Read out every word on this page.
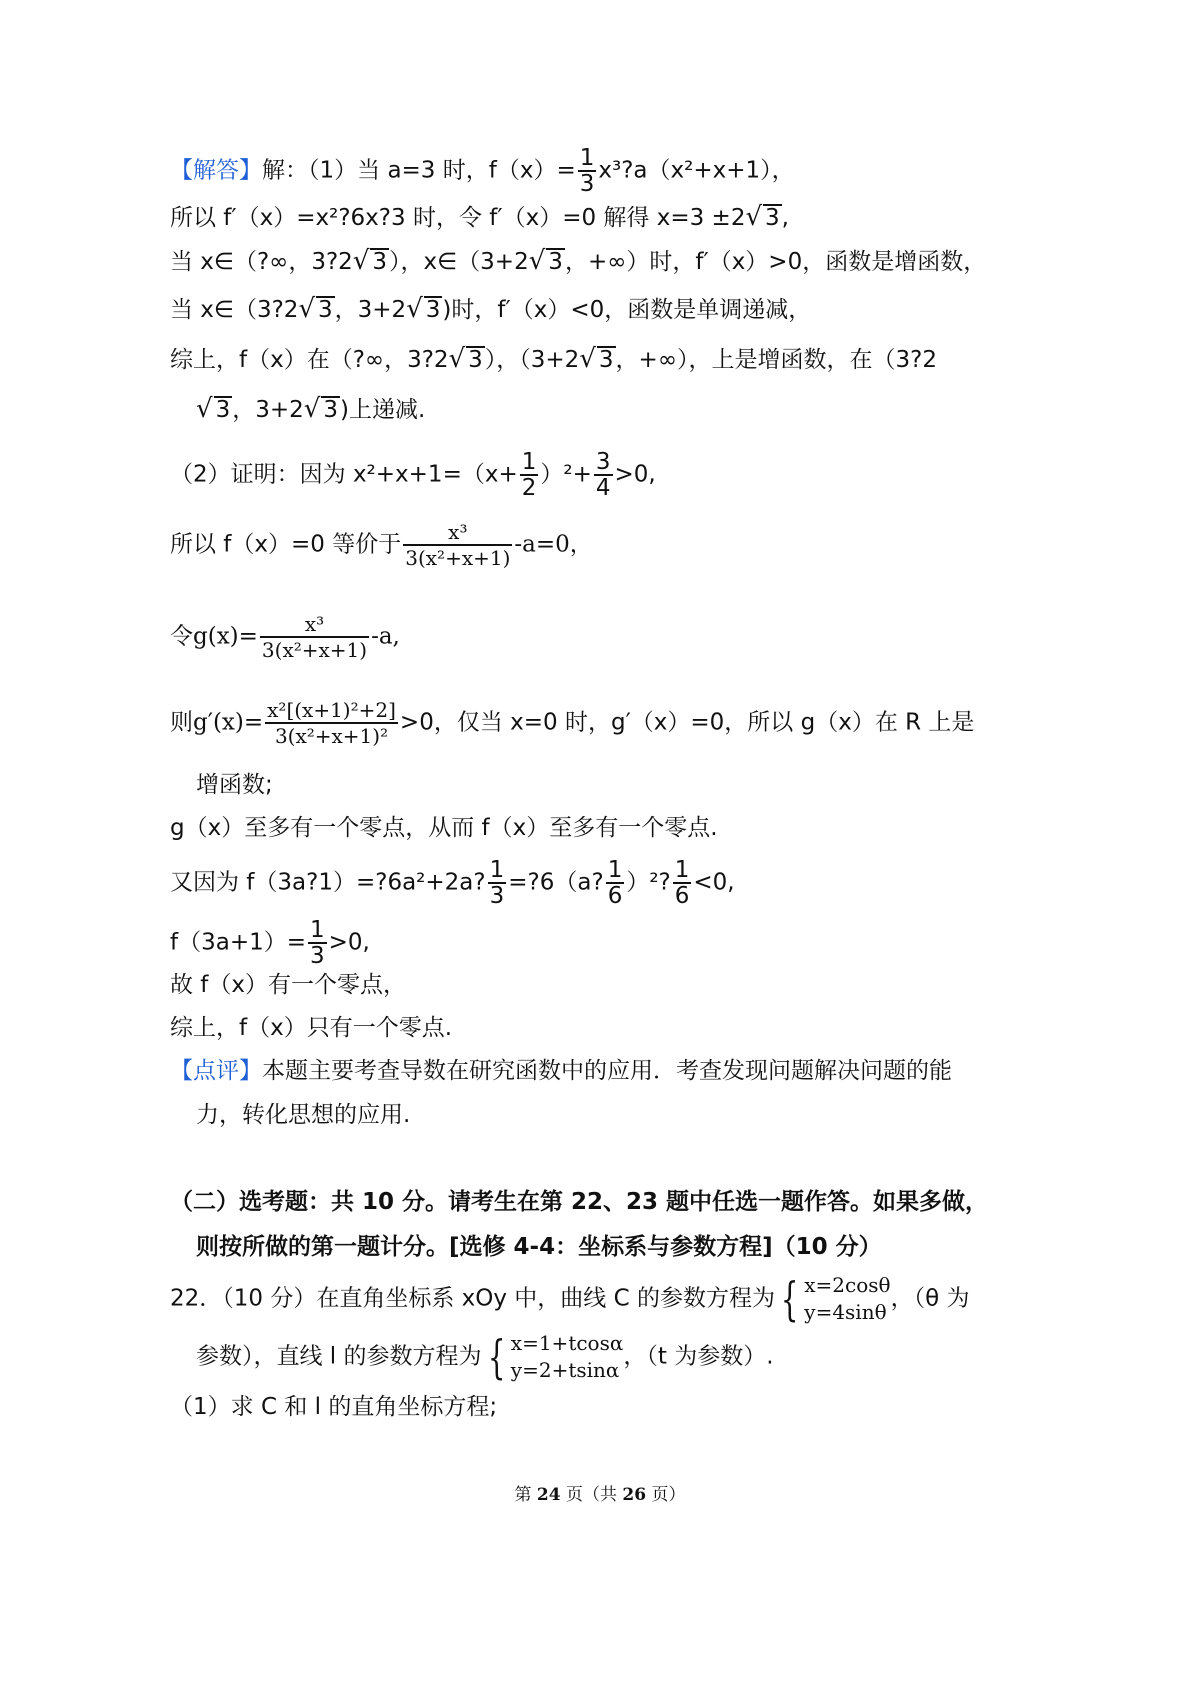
【解答】解：（1）当 a=3 时，$f(x)= \frac{1}{3}$ x³?a（x²+x+1），
所以 f′（x）=x²?6x?3 时，令 f′（x）=0 解得 x=3 ±2√ 3,
当 x∈（?∞，3?2√ 3），x∈（3+2√ 3，+∞）时，f′（x）>0，函数是增函数，
当 x∈（3?2√ 3，3+2√ 3)时，f′（x）<0，函数是单调递减，
综上，f（x）在（?∞，3?2√ 3），（3+2√ 3，+∞），上是增函数，在（3?2
√ 3，3+2√ 3)上递减.
（2）证明：因为 $x^2+x+1=(x+ \frac{1}{2} )^2+ \frac{3}{4} >0$,
所以 f（x）=0 等价于 $\frac{\text{x³}}{\text{3(x²+x+1)}} -a=0$，
令$g(x)= \frac{\text{x³}}{\text{3(x²+x+1)}} -a$,
则$g'(x)= \frac{\text{x²[(x+1)²+2]}}{\text{3(x²+x+1)²}} >0$，仅当 x=0 时，g′（x）=0，所以 g（x）在 R 上是
增函数;
g（x）至多有一个零点，从而 f（x）至多有一个零点.
又因为 f（3a?1）=?6a²+2a? $\frac{1}{3}$ =?6（a? $\frac{1}{6} )^2$? $\frac{1}{6} <0$,
$f(3a+1)= \frac{1}{3} >0$,
故 f（x）有一个零点，
综上，f（x）只有一个零点.
【点评】本题主要考查导数在研究函数中的应用．考查发现问题解决问题的能
力，转化思想的应用.
（二）选考题：共 10 分。请考生在第 22、23 题中任选一题作答。如果多做，
则按所做的第一题计分。[选修 4-4：坐标系与参数方程]（10 分）
22．（10 分）在直角坐标系 xOy 中，曲线 C 的参数方程为 { x=2cosθ
y=4sinθ
，（θ 为
参数），直线 l 的参数方程为 { x=1+tcosα
y=2+tsinα
，（t 为参数）.
（1）求 C 和 l 的直角坐标方程;
第 24 页（共 26 页）
